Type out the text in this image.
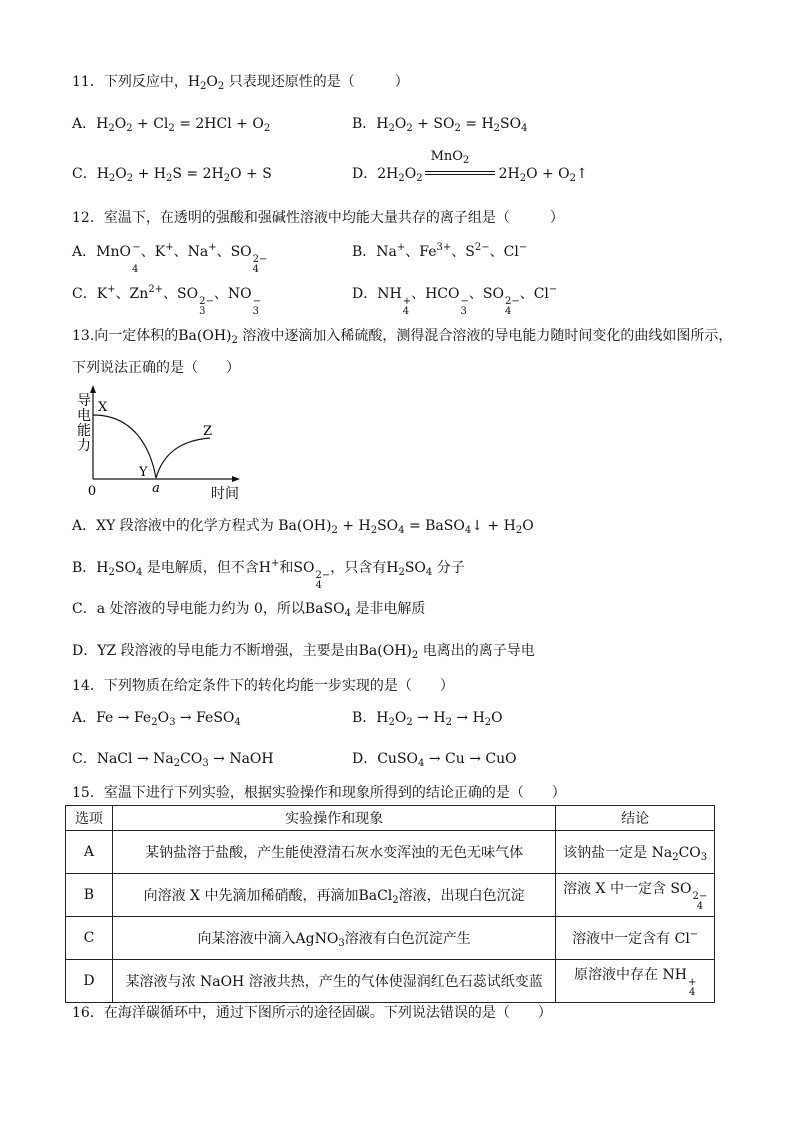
11．下列反应中，$H_2O_2$ 只表现还原性的是（	）
A．$H_2O_2 + Cl_2 = 2HCl + O_2$	B．$H_2O_2 + SO_2 = H_2SO_4$
C．$H_2O_2 + H_2S = 2H_2O + S$	D．$2H_2O_2$
MnO$_2$
$2H_2O$ + $O_2↑$
12．室温下，在透明的强酸和强碱性溶液中均能大量共存的离子组是（	）
A．MnO

4
−、K+、Na+、SO 2−
4
B．Na+、$Fe^{3+}$、$S^{2-}$、Cl−
C．K+、$Zn^{2+}$、SO 2−
3
、NO −
3
D．NH +
4
、HCO −
3
、SO 2−
4
、Cl−
13.向一定体积的$Ba(OH)_2$ 溶液中逐滴加入稀硫酸，测得混合溶液的导电能力随时间变化的曲线如图所示，
下列说法正确的是（　　）
导
电
能
力
X
Y
Z
0	a	时间
A．XY 段溶液中的化学方程式为 $Ba(OH)_2 + H_2SO_4$ = BaSO$_4$↓ + $H_2O$
B．$H_2SO_4$ 是电解质，但不含H+和SO 2−
4
，只含有$H_2SO_4$ 分子
C．a 处溶液的导电能力约为 0，所以BaSO$_4$ 是非电解质
D．YZ 段溶液的导电能力不断增强，主要是由$Ba(OH)_2$ 电离出的离子导电
14．下列物质在给定条件下的转化均能一步实现的是（　　）
A．$Fe \to Fe_2O_3$ → FeSO$_4$	B．$H_2O_2 \to H_2 \to H_2O$
C．NaCl → $Na_2CO_3$ → NaOH	D．CuSO$_4$ → Cu → CuO
15．室温下进行下列实验，根据实验操作和现象所得到的结论正确的是（　　）
选项	实验操作和现象	结论
A	某钠盐溶于盐酸，产生能使澄清石灰水变浑浊的无色无味气体	该钠盐一定是 $Na_2CO_3$
B	向溶液 X 中先滴加稀硝酸，再滴加BaCl$_2$溶液，出现白色沉淀	溶液 X 中一定含 SO 2−
4

C	向某溶液中滴入AgNO$_3$溶液有白色沉淀产生	溶液中一定含有 Cl−
D	某溶液与浓 NaOH 溶液共热，产生的气体使湿润红色石蕊试纸变蓝	原溶液中存在 NH +
4
16．在海洋碳循环中，通过下图所示的途径固碳。下列说法错误的是（　　）
